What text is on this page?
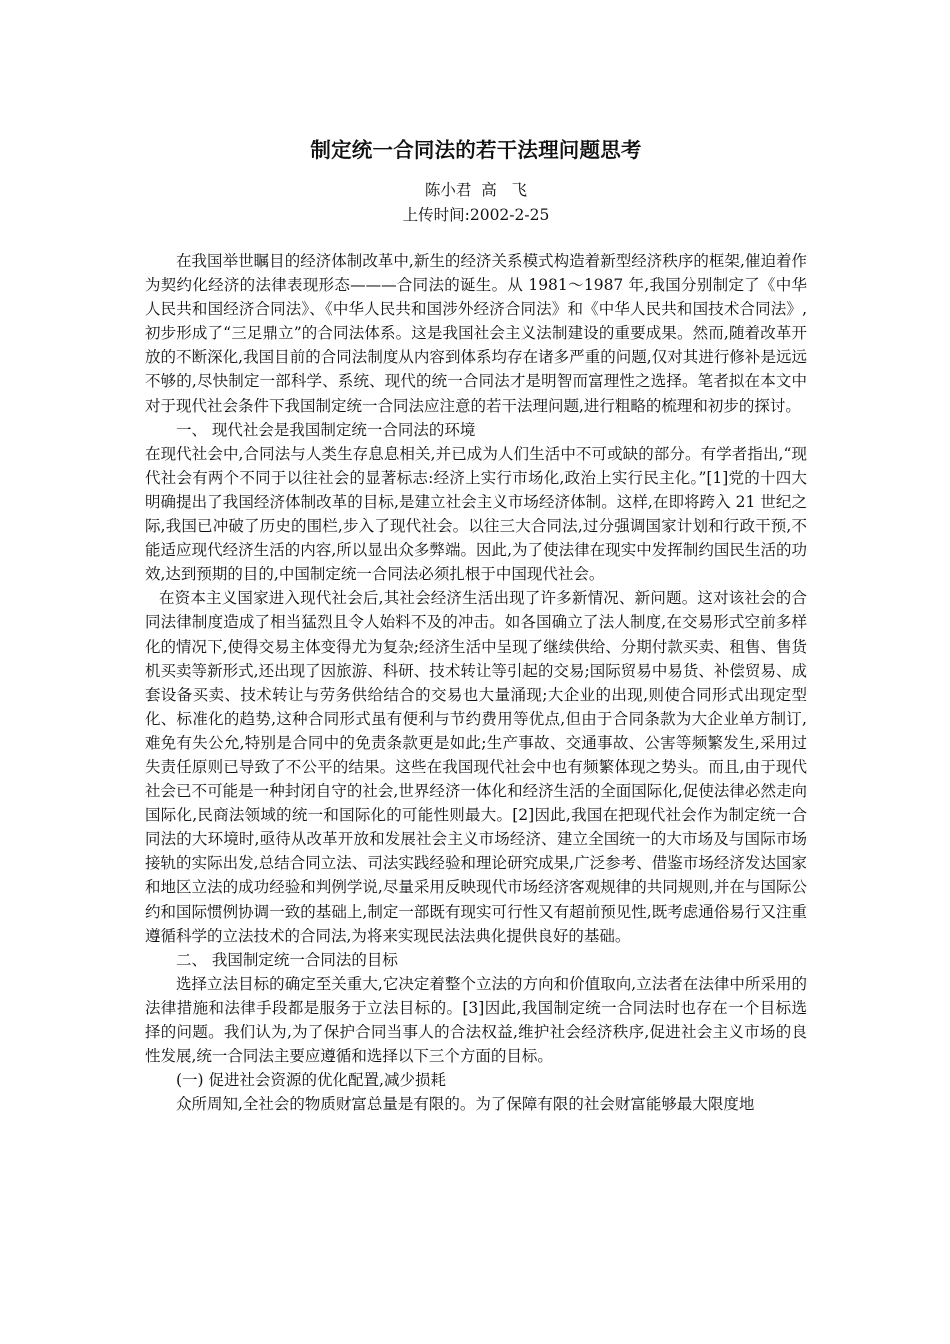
制定统一合同法的若干法理问题思考
陈小君  高   飞
上传时间:2002-2-25

在我国举世瞩目的经济体制改革中,新生的经济关系模式构造着新型经济秩序的框架,催迫着作为契约化经济的法律表现形态———合同法的诞生。从 1981～1987 年,我国分别制定了《中华人民共和国经济合同法》、《中华人民共和国涉外经济合同法》和《中华人民共和国技术合同法》,初步形成了“三足鼎立”的合同法体系。这是我国社会主义法制建设的重要成果。然而,随着改革开放的不断深化,我国目前的合同法制度从内容到体系均存在诸多严重的问题,仅对其进行修补是远远不够的,尽快制定一部科学、系统、现代的统一合同法才是明智而富理性之选择。笔者拟在本文中对于现代社会条件下我国制定统一合同法应注意的若干法理问题,进行粗略的梳理和初步的探讨。

一、 现代社会是我国制定统一合同法的环境

在现代社会中,合同法与人类生存息息相关,并已成为人们生活中不可或缺的部分。有学者指出,“现代社会有两个不同于以往社会的显著标志:经济上实行市场化,政治上实行民主化。”[1]党的十四大明确提出了我国经济体制改革的目标,是建立社会主义市场经济体制。这样,在即将跨入 21 世纪之际,我国已冲破了历史的围栏,步入了现代社会。以往三大合同法,过分强调国家计划和行政干预,不能适应现代经济生活的内容,所以显出众多弊端。因此,为了使法律在现实中发挥制约国民生活的功效,达到预期的目的,中国制定统一合同法必须扎根于中国现代社会。

在资本主义国家进入现代社会后,其社会经济生活出现了许多新情况、新问题。这对该社会的合同法律制度造成了相当猛烈且令人始料不及的冲击。如各国确立了法人制度,在交易形式空前多样化的情况下,使得交易主体变得尤为复杂;经济生活中呈现了继续供给、分期付款买卖、租售、售货机买卖等新形式,还出现了因旅游、科研、技术转让等引起的交易;国际贸易中易货、补偿贸易、成套设备买卖、技术转让与劳务供给结合的交易也大量涌现;大企业的出现,则使合同形式出现定型化、标准化的趋势,这种合同形式虽有便利与节约费用等优点,但由于合同条款为大企业单方制订,难免有失公允,特别是合同中的免责条款更是如此;生产事故、交通事故、公害等频繁发生,采用过失责任原则已导致了不公平的结果。这些在我国现代社会中也有频繁体现之势头。而且,由于现代社会已不可能是一种封闭自守的社会,世界经济一体化和经济生活的全面国际化,促使法律必然走向国际化,民商法领域的统一和国际化的可能性则最大。[2]因此,我国在把现代社会作为制定统一合同法的大环境时,亟待从改革开放和发展社会主义市场经济、建立全国统一的大市场及与国际市场接轨的实际出发,总结合同立法、司法实践经验和理论研究成果,广泛参考、借鉴市场经济发达国家和地区立法的成功经验和判例学说,尽量采用反映现代市场经济客观规律的共同规则,并在与国际公约和国际惯例协调一致的基础上,制定一部既有现实可行性又有超前预见性,既考虑通俗易行又注重遵循科学的立法技术的合同法,为将来实现民法法典化提供良好的基础。

二、 我国制定统一合同法的目标

选择立法目标的确定至关重大,它决定着整个立法的方向和价值取向,立法者在法律中所采用的法律措施和法律手段都是服务于立法目标的。[3]因此,我国制定统一合同法时也存在一个目标选择的问题。我们认为,为了保护合同当事人的合法权益,维护社会经济秩序,促进社会主义市场的良性发展,统一合同法主要应遵循和选择以下三个方面的目标。

(一) 促进社会资源的优化配置,减少损耗

众所周知,全社会的物质财富总量是有限的。为了保障有限的社会财富能够最大限度地
